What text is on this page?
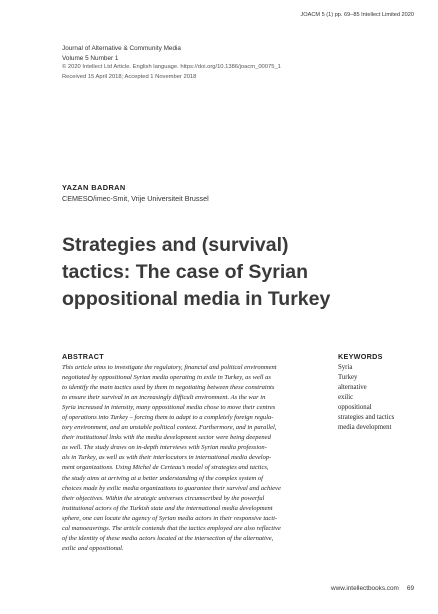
JOACM 5 (1) pp. 69–85 Intellect Limited 2020
Journal of Alternative & Community Media
Volume 5 Number 1
© 2020 Intellect Ltd Article. English language. https://doi.org/10.1386/joacm_00075_1
Received 15 April 2018; Accepted 1 November 2018
YAZAN BADRAN
CEMESO/imec-Smit, Vrije Universiteit Brussel
Strategies and (survival) tactics: The case of Syrian oppositional media in Turkey
ABSTRACT
This article aims to investigate the regulatory, financial and political environment
negotiated by oppositional Syrian media operating in exile in Turkey, as well as
to identify the main tactics used by them in negotiating between these constraints
to ensure their survival in an increasingly difficult environment. As the war in
Syria increased in intensity, many oppositional media chose to move their centres
of operations into Turkey – forcing them to adapt to a completely foreign regula-
tory environment, and an unstable political context. Furthermore, and in parallel,
their institutional links with the media development sector were being deepened
as well. The study draws on in-depth interviews with Syrian media profession-
als in Turkey, as well as with their interlocutors in international media develop-
ment organizations. Using Michel de Certeau’s model of strategies and tactics,
the study aims at arriving at a better understanding of the complex system of
choices made by exilic media organizations to guarantee their survival and achieve
their objectives. Within the strategic universes circumscribed by the powerful
institutional actors of the Turkish state and the international media development
sphere, one can locate the agency of Syrian media actors in their responsive tacti-
cal manoeuvrings. The article contends that the tactics employed are also reflective
of the identity of these media actors located at the intersection of the alternative,
exilic and oppositional.
KEYWORDS
Syria
Turkey
alternative
exilic
oppositional
strategies and tactics
media development
www.intellectbooks.com 69
